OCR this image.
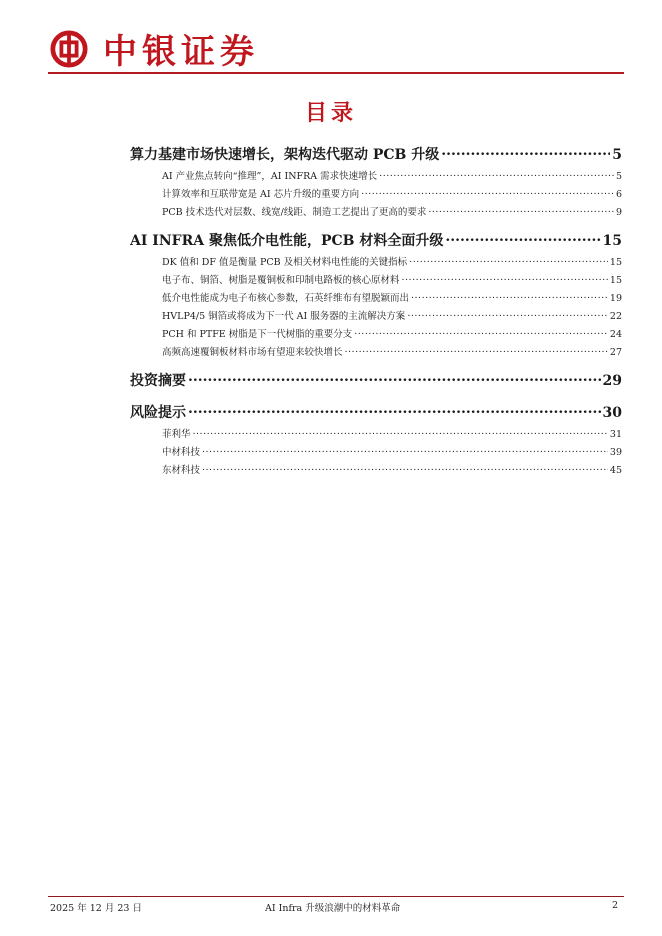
中银证券
目录
算力基建市场快速增长，架构迭代驱动 PCB 升级 .....	5
AI 产业焦点转向“推理”，AI INFRA 需求快速增长 .....	5
计算效率和互联带宽是 AI 芯片升级的重要方向 .....	6
PCB 技术迭代对层数、线宽/线距、制造工艺提出了更高的要求 .....	9
AI INFRA 聚焦低介电性能，PCB 材料全面升级 .....	15
DK 值和 DF 值是衡量 PCB 及相关材料电性能的关键指标 .....	15
电子布、铜箔、树脂是覆铜板和印制电路板的核心原材料 .....	15
低介电性能成为电子布核心参数，石英纤维布有望脱颖而出 .....	19
HVLP4/5 铜箔或将成为下一代 AI 服务器的主流解决方案 .....	22
PCH 和 PTFE 树脂是下一代树脂的重要分支 .....	24
高频高速覆铜板材料市场有望迎来较快增长 .....	27
投资摘要 .....	29
风险提示 .....	30
菲利华 .....	31
中材科技 .....	39
东材科技 .....	45
2025 年 12 月 23 日	AI Infra 升级浪潮中的材料革命	2
